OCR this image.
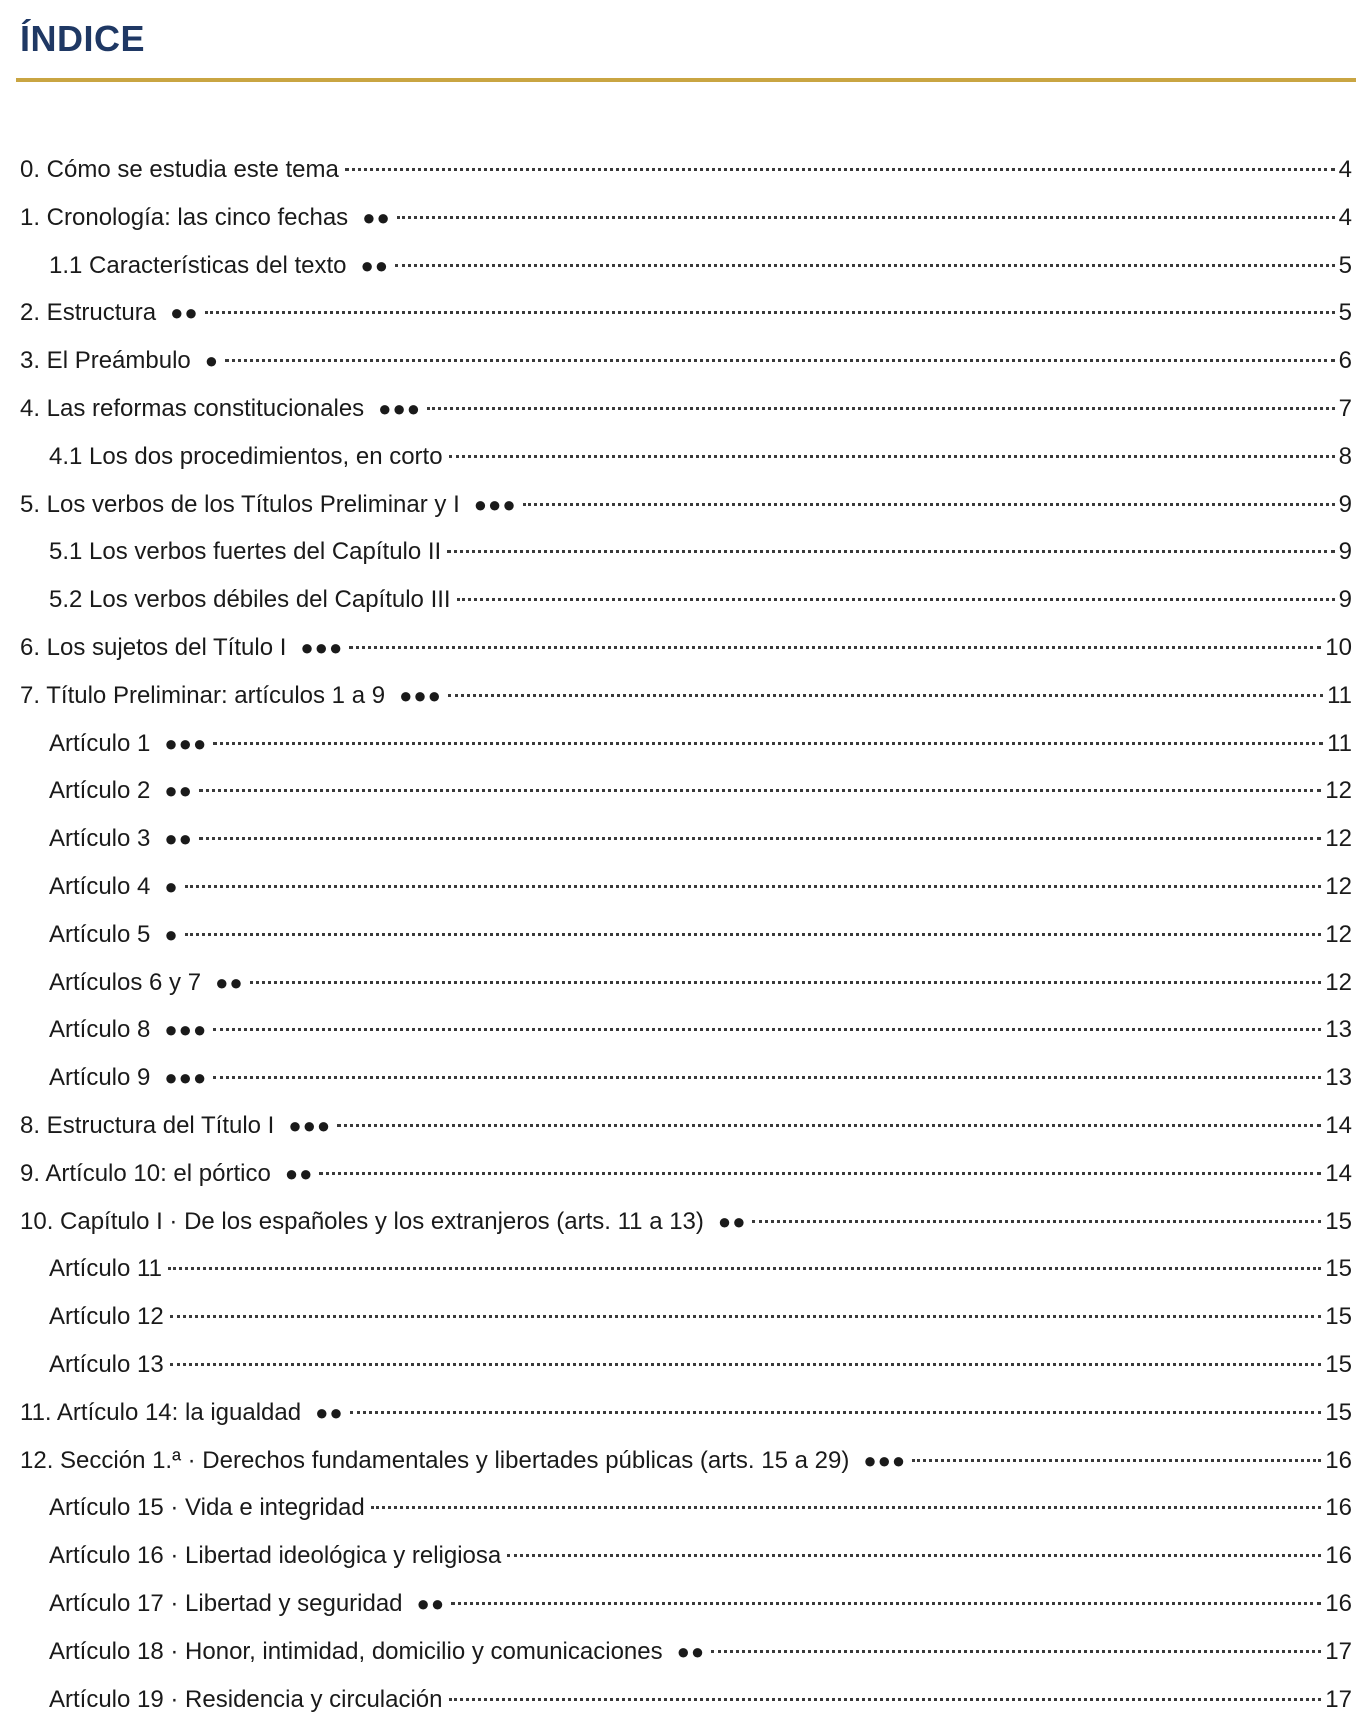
ÍNDICE
0. Cómo se estudia este tema	4
1. Cronología: las cinco fechas ●●	4
1.1 Características del texto ●●	5
2. Estructura ●●	5
3. El Preámbulo ●	6
4. Las reformas constitucionales ●●●	7
4.1 Los dos procedimientos, en corto	8
5. Los verbos de los Títulos Preliminar y I ●●●	9
5.1 Los verbos fuertes del Capítulo II	9
5.2 Los verbos débiles del Capítulo III	9
6. Los sujetos del Título I ●●●	10
7. Título Preliminar: artículos 1 a 9 ●●●	11
Artículo 1 ●●●	11
Artículo 2 ●●	12
Artículo 3 ●●	12
Artículo 4 ●	12
Artículo 5 ●	12
Artículos 6 y 7 ●●	12
Artículo 8 ●●●	13
Artículo 9 ●●●	13
8. Estructura del Título I ●●●	14
9. Artículo 10: el pórtico ●●	14
10. Capítulo I · De los españoles y los extranjeros (arts. 11 a 13) ●●	15
Artículo 11	15
Artículo 12	15
Artículo 13	15
11. Artículo 14: la igualdad ●●	15
12. Sección 1.ª · Derechos fundamentales y libertades públicas (arts. 15 a 29) ●●●	16
Artículo 15 · Vida e integridad	16
Artículo 16 · Libertad ideológica y religiosa	16
Artículo 17 · Libertad y seguridad ●●	16
Artículo 18 · Honor, intimidad, domicilio y comunicaciones ●●	17
Artículo 19 · Residencia y circulación	17
